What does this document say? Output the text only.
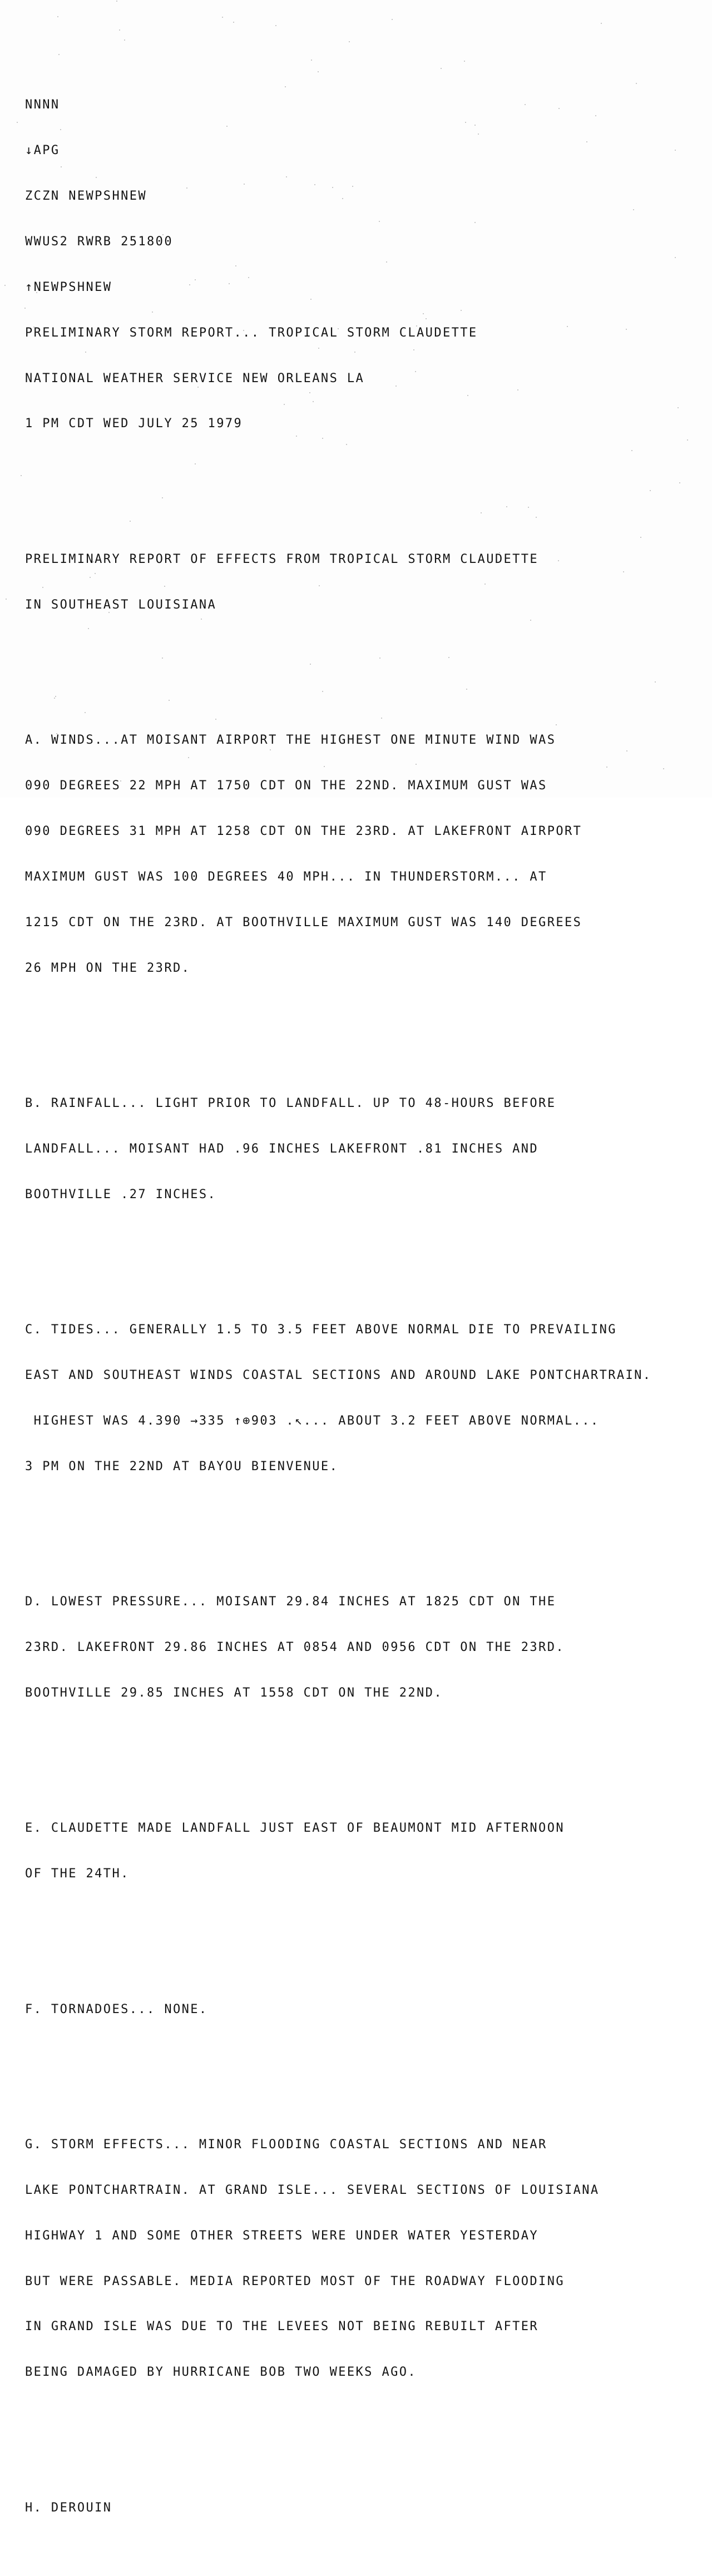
NNNN

↓APG

ZCZN NEWPSHNEW

WWUS2 RWRB 251800

↑NEWPSHNEW

PRELIMINARY STORM REPORT... TROPICAL STORM CLAUDETTE

NATIONAL WEATHER SERVICE NEW ORLEANS LA

1 PM CDT WED JULY 25 1979

PRELIMINARY REPORT OF EFFECTS FROM TROPICAL STORM CLAUDETTE

IN SOUTHEAST LOUISIANA

A. WINDS...AT MOISANT AIRPORT THE HIGHEST ONE MINUTE WIND WAS

090 DEGREES 22 MPH AT 1750 CDT ON THE 22ND. MAXIMUM GUST WAS

090 DEGREES 31 MPH AT 1258 CDT ON THE 23RD. AT LAKEFRONT AIRPORT

MAXIMUM GUST WAS 100 DEGREES 40 MPH... IN THUNDERSTORM... AT

1215 CDT ON THE 23RD. AT BOOTHVILLE MAXIMUM GUST WAS 140 DEGREES

26 MPH ON THE 23RD.

B. RAINFALL... LIGHT PRIOR TO LANDFALL. UP TO 48-HOURS BEFORE

LANDFALL... MOISANT HAD .96 INCHES LAKEFRONT .81 INCHES AND

BOOTHVILLE .27 INCHES.

C. TIDES... GENERALLY 1.5 TO 3.5 FEET ABOVE NORMAL DIE TO PREVAILING

EAST AND SOUTHEAST WINDS COASTAL SECTIONS AND AROUND LAKE PONTCHARTRAIN.

HIGHEST WAS 4.390 →335 ↑⊕903 .↖... ABOUT 3.2 FEET ABOVE NORMAL...

3 PM ON THE 22ND AT BAYOU BIENVENUE.

D. LOWEST PRESSURE... MOISANT 29.84 INCHES AT 1825 CDT ON THE

23RD. LAKEFRONT 29.86 INCHES AT 0854 AND 0956 CDT ON THE 23RD.

BOOTHVILLE 29.85 INCHES AT 1558 CDT ON THE 22ND.

E. CLAUDETTE MADE LANDFALL JUST EAST OF BEAUMONT MID AFTERNOON

OF THE 24TH.

F. TORNADOES... NONE.

G. STORM EFFECTS... MINOR FLOODING COASTAL SECTIONS AND NEAR

LAKE PONTCHARTRAIN. AT GRAND ISLE... SEVERAL SECTIONS OF LOUISIANA

HIGHWAY 1 AND SOME OTHER STREETS WERE UNDER WATER YESTERDAY

BUT WERE PASSABLE. MEDIA REPORTED MOST OF THE ROADWAY FLOODING

IN GRAND ISLE WAS DUE TO THE LEVEES NOT BEING REBUILT AFTER

BEING DAMAGED BY HURRICANE BOB TWO WEEKS AGO.

H. DEROUIN
